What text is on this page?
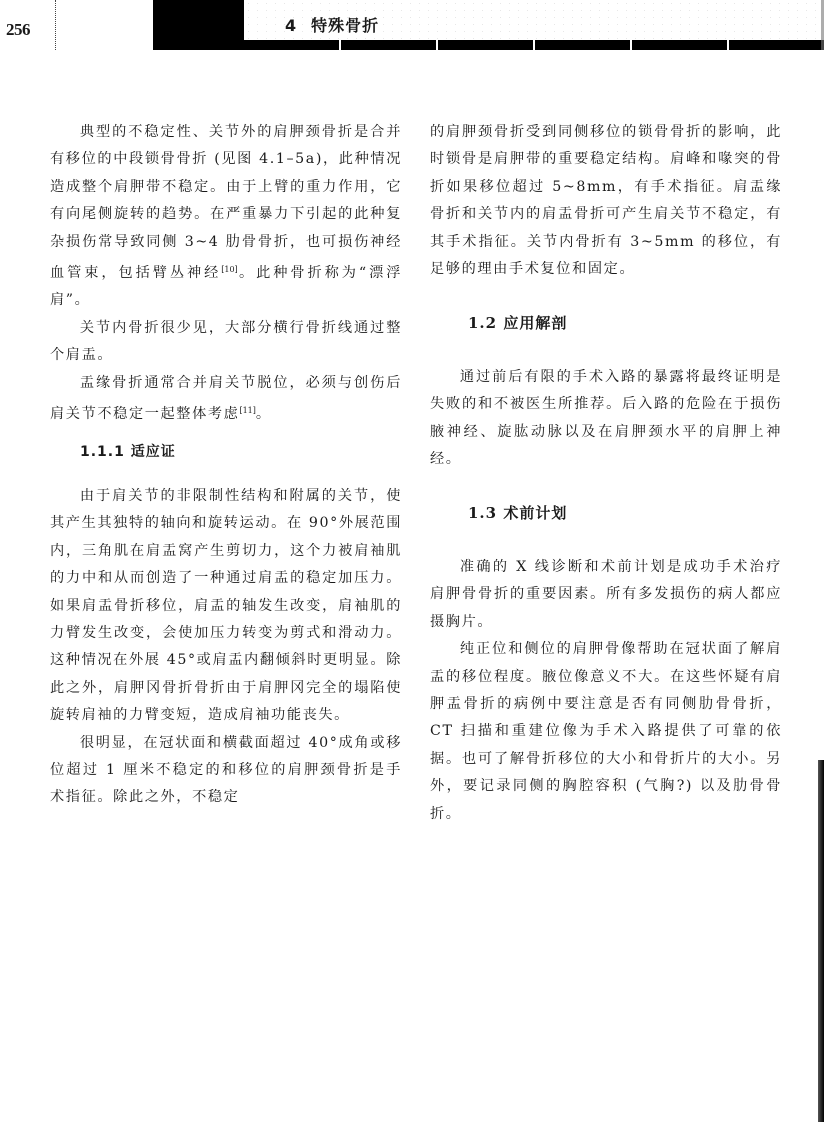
256	4 特殊骨折

典型的不稳定性、关节外的肩胛颈骨折是合并有移位的中段锁骨骨折 (见图 4.1–5a)，此种情况造成整个肩胛带不稳定。由于上臂的重力作用，它有向尾侧旋转的趋势。在严重暴力下引起的此种复杂损伤常导致同侧 3~4 肋骨骨折，也可损伤神经血管束，包括臂丛神经[10]。此种骨折称为“漂浮肩”。

关节内骨折很少见，大部分横行骨折线通过整个肩盂。

盂缘骨折通常合并肩关节脱位，必须与创伤后肩关节不稳定一起整体考虑[11]。

1.1.1 适应证

由于肩关节的非限制性结构和附属的关节，使其产生其独特的轴向和旋转运动。在 90°外展范围内，三角肌在肩盂窝产生剪切力，这个力被肩袖肌的力中和从而创造了一种通过肩盂的稳定加压力。如果肩盂骨折移位，肩盂的轴发生改变，肩袖肌的力臂发生改变，会使加压力转变为剪式和滑动力。这种情况在外展 45°或肩盂内翻倾斜时更明显。除此之外，肩胛冈骨折骨折由于肩胛冈完全的塌陷使旋转肩袖的力臂变短，造成肩袖功能丧失。

很明显，在冠状面和横截面超过 40°成角或移位超过 1 厘米不稳定的和移位的肩胛颈骨折是手术指征。除此之外，不稳定

的肩胛颈骨折受到同侧移位的锁骨骨折的影响，此时锁骨是肩胛带的重要稳定结构。肩峰和喙突的骨折如果移位超过 5~8mm，有手术指征。肩盂缘骨折和关节内的肩盂骨折可产生肩关节不稳定，有其手术指征。关节内骨折有 3~5mm 的移位，有足够的理由手术复位和固定。

1.2 应用解剖

通过前后有限的手术入路的暴露将最终证明是失败的和不被医生所推荐。后入路的危险在于损伤腋神经、旋肱动脉以及在肩胛颈水平的肩胛上神经。

1.3 术前计划

准确的 X 线诊断和术前计划是成功手术治疗肩胛骨骨折的重要因素。所有多发损伤的病人都应摄胸片。

纯正位和侧位的肩胛骨像帮助在冠状面了解肩盂的移位程度。腋位像意义不大。在这些怀疑有肩胛盂骨折的病例中要注意是否有同侧肋骨骨折，CT 扫描和重建位像为手术入路提供了可靠的依据。也可了解骨折移位的大小和骨折片的大小。另外，要记录同侧的胸腔容积 (气胸?) 以及肋骨骨折。
